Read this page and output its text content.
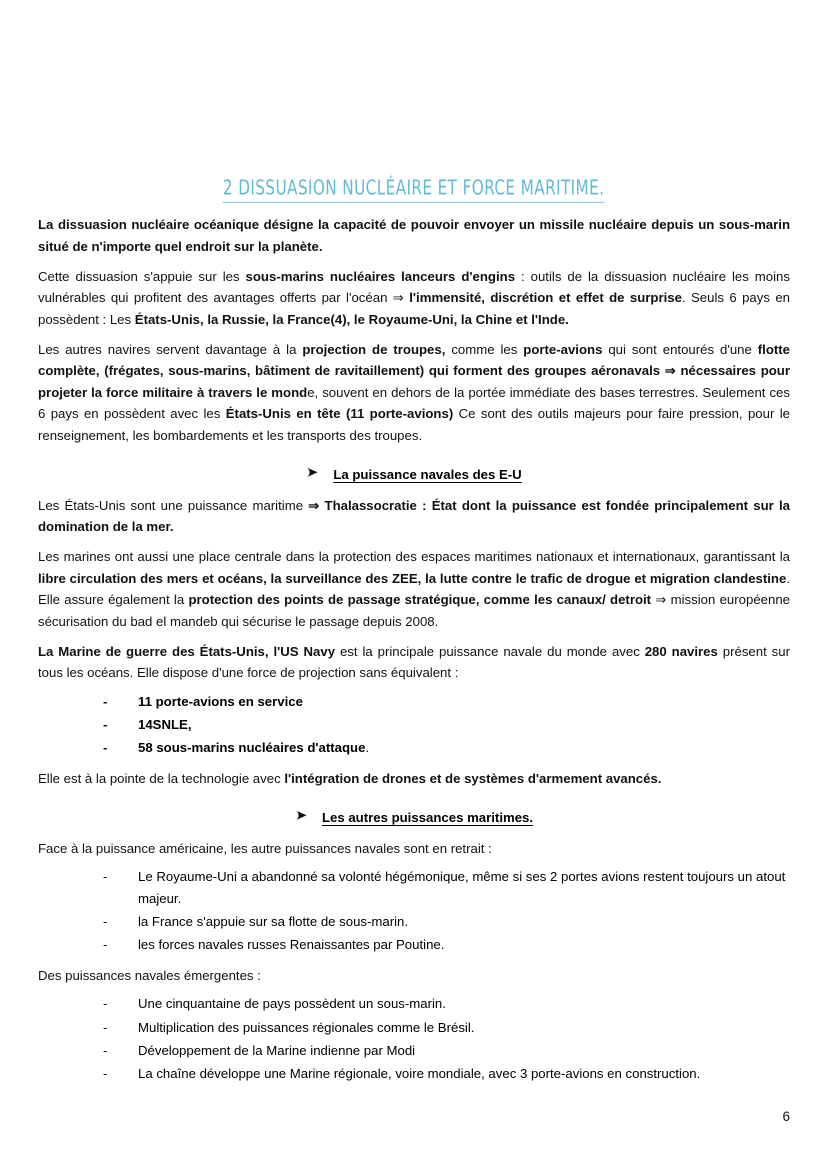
2 DISSUASION NUCLÉAIRE ET FORCE MARITIME.

La dissuasion nucléaire océanique désigne la capacité de pouvoir envoyer un missile nucléaire depuis un sous-marin situé de n'importe quel endroit sur la planète.

Cette dissuasion s'appuie sur les sous-marins nucléaires lanceurs d'engins : outils de la dissuasion nucléaire les moins vulnérables qui profitent des avantages offerts par l'océan ⇒ l'immensité, discrétion et effet de surprise. Seuls 6 pays en possèdent : Les États-Unis, la Russie, la France(4), le Royaume-Uni, la Chine et l'Inde.

Les autres navires servent davantage à la projection de troupes, comme les porte-avions qui sont entourés d'une flotte complète, (frégates, sous-marins, bâtiment de ravitaillement) qui forment des groupes aéronavals ⇒ nécessaires pour projeter la force militaire à travers le monde, souvent en dehors de la portée immédiate des bases terrestres. Seulement ces 6 pays en possèdent avec les États-Unis en tête (11 porte-avions) Ce sont des outils majeurs pour faire pression, pour le renseignement, les bombardements et les transports des troupes.

La puissance navales des E-U

Les États-Unis sont une puissance maritime ⇒ Thalassocratie : État dont la puissance est fondée principalement sur la domination de la mer.

Les marines ont aussi une place centrale dans la protection des espaces maritimes nationaux et internationaux, garantissant la libre circulation des mers et océans, la surveillance des ZEE, la lutte contre le trafic de drogue et migration clandestine. Elle assure également la protection des points de passage stratégique, comme les canaux/ detroit ⇒ mission européenne sécurisation du bad el mandeb qui sécurise le passage depuis 2008.

La Marine de guerre des États-Unis, l'US Navy est la principale puissance navale du monde avec 280 navires présent sur tous les océans. Elle dispose d'une force de projection sans équivalent :

- 11 porte-avions en service
- 14SNLE,
- 58 sous-marins nucléaires d'attaque.

Elle est à la pointe de la technologie avec l'intégration de drones et de systèmes d'armement avancés.

Les autres puissances maritimes.

Face à la puissance américaine, les autre puissances navales sont en retrait :

- Le Royaume-Uni a abandonné sa volonté hégémonique, même si ses 2 portes avions restent toujours un atout majeur.
- la France s'appuie sur sa flotte de sous-marin.
- les forces navales russes Renaissantes par Poutine.

Des puissances navales émergentes :

- Une cinquantaine de pays possèdent un sous-marin.
- Multiplication des puissances régionales comme le Brésil.
- Développement de la Marine indienne par Modi
- La chaîne développe une Marine régionale, voire mondiale, avec 3 porte-avions en construction.
6
